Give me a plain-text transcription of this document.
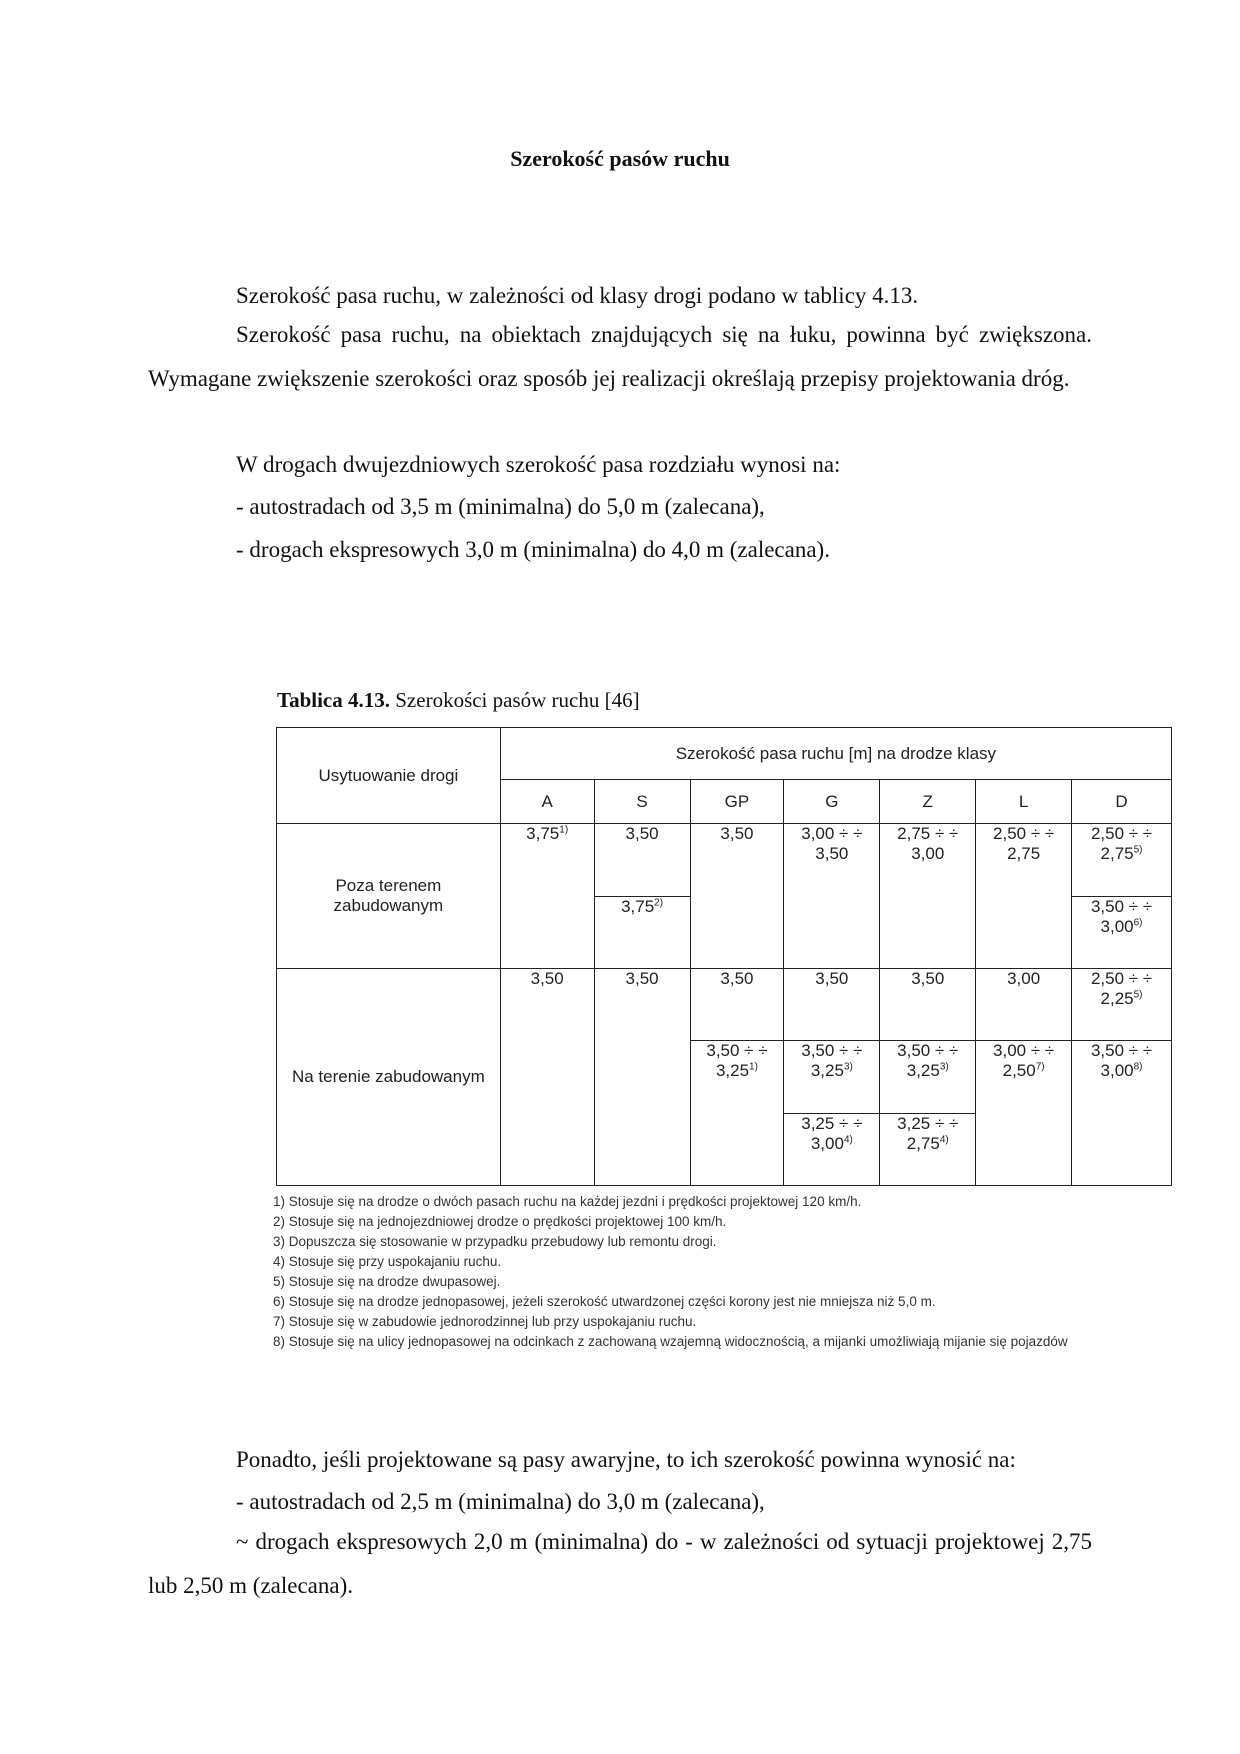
Szerokość pasów ruchu

Szerokość pasa ruchu, w zależności od klasy drogi podano w tablicy 4.13.

Szerokość pasa ruchu, na obiektach znajdujących się na łuku, powinna być zwiększona. Wymagane zwiększenie szerokości oraz sposób jej realizacji określają przepisy projektowania dróg.

W drogach dwujezdniowych szerokość pasa rozdziału wynosi na:

- autostradach od 3,5 m (minimalna) do 5,0 m (zalecana),
- drogach ekspresowych 3,0 m (minimalna) do 4,0 m (zalecana).
Tablica 4.13. Szerokości pasów ruchu [46]
Usytuowanie drogi	Szerokość pasa ruchu [m] na drodze klasy						
	A	S	GP	G	Z	L	D
Poza terenem zabudowanym	3,75$^{1)}$	3,50	3,50	3,00 ÷ ÷ 3,50	2,75 ÷ ÷ 3,00	2,50 ÷ ÷ 2,75	2,50 ÷ ÷ $2,75^{5)}$
		3,75$^{2)}$					3,50 ÷ ÷ $3,00^{6)}$
Na terenie zabudowanym	3,50	3,50	3,50	3,50	3,50	3,00	2,50 ÷ ÷ $2,25^{5)}$
			3,50 ÷ ÷ $3,25^{1)}$	3,50 ÷ ÷ $3,25^{3)}$	3,50 ÷ ÷ $3,25^{3)}$	3,00 ÷ ÷ $2,50^{7)}$	3,50 ÷ ÷ $3,00^{8)}$
				3,25 ÷ ÷ $3,00^{4)}$	3,25 ÷ ÷ $2,75^{4)}$
1) Stosuje się na drodze o dwóch pasach ruchu na każdej jezdni i prędkości projektowej 120 km/h.
2) Stosuje się na jednojezdniowej drodze o prędkości projektowej 100 km/h.
3) Dopuszcza się stosowanie w przypadku przebudowy lub remontu drogi.
4) Stosuje się przy uspokajaniu ruchu.
5) Stosuje się na drodze dwupasowej.
6) Stosuje się na drodze jednopasowej, jeżeli szerokość utwardzonej części korony jest nie mniejsza niż 5,0 m.
7) Stosuje się w zabudowie jednorodzinnej lub przy uspokajaniu ruchu.
8) Stosuje się na ulicy jednopasowej na odcinkach z zachowaną wzajemną widocznością, a mijanki umożliwiają mijanie się pojazdów

Ponadto, jeśli projektowane są pasy awaryjne, to ich szerokość powinna wynosić na:

- autostradach od 2,5 m (minimalna) do 3,0 m (zalecana),

~ drogach ekspresowych 2,0 m (minimalna) do - w zależności od sytuacji projektowej 2,75 lub 2,50 m (zalecana).
